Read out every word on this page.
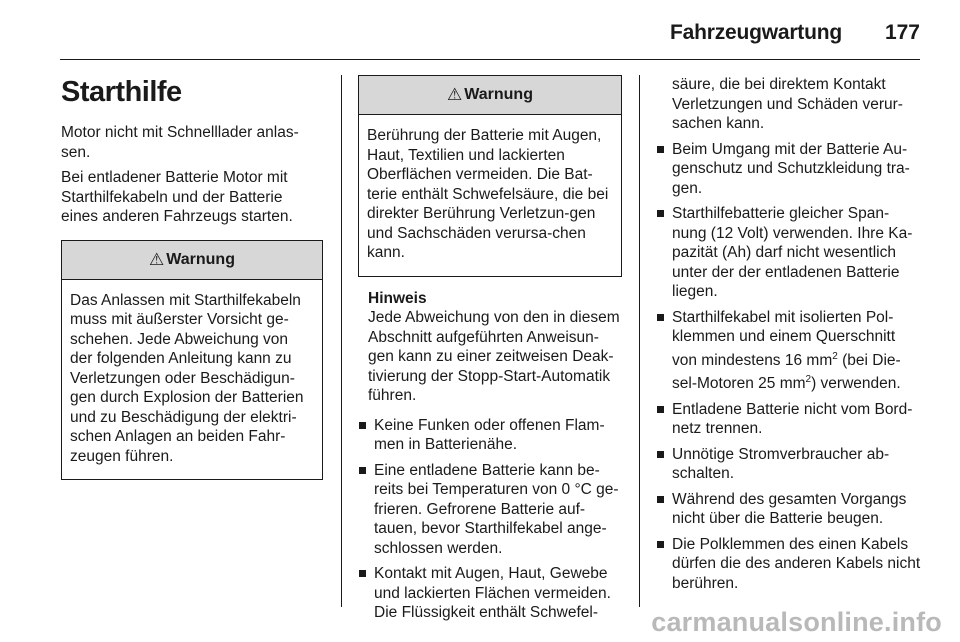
Fahrzeugwartung 177
Starthilfe

Motor nicht mit Schnelllader anlas-sen.

Bei entladener Batterie Motor mit Starthilfekabeln und der Batterie eines anderen Fahrzeugs starten.

⚠ Warnung

Das Anlassen mit Starthilfekabeln muss mit äußerster Vorsicht ge-schehen. Jede Abweichung von der folgenden Anleitung kann zu Verletzungen oder Beschädigun-gen durch Explosion der Batterien und zu Beschädigung der elektri-schen Anlagen an beiden Fahr-zeugen führen.

⚠ Warnung

Berührung der Batterie mit Augen, Haut, Textilien und lackierten Oberflächen vermeiden. Die Bat-terie enthält Schwefelsäure, die bei direkter Berührung Verletzun-gen und Sachschäden verursa-chen kann.

Hinweis

Jede Abweichung von den in diesem Abschnitt aufgeführten Anweisun-gen kann zu einer zeitweisen Deak-tivierung der Stopp-Start-Automatik führen.

Keine Funken oder offenen Flam-men in Batterienähe.
Eine entladene Batterie kann be-reits bei Temperaturen von 0 °C ge-frieren. Gefrorene Batterie auf-tauen, bevor Starthilfekabel ange-schlossen werden.
Kontakt mit Augen, Haut, Gewebe und lackierten Flächen vermeiden. Die Flüssigkeit enthält Schwefel-

säure, die bei direktem Kontakt Verletzungen und Schäden verur-sachen kann.

Beim Umgang mit der Batterie Au-genschutz und Schutzkleidung tra-gen.
Starthilfebatterie gleicher Span-nung (12 Volt) verwenden. Ihre Ka-pazität (Ah) darf nicht wesentlich unter der der entladenen Batterie liegen.
Starthilfekabel mit isolierten Pol-klemmen und einem Querschnitt von mindestens 16 $mm^2$ (bei Die-sel-Motoren 25 $mm^2$) verwenden.
Entladene Batterie nicht vom Bord-netz trennen.
Unnötige Stromverbraucher ab-schalten.
Während des gesamten Vorgangs nicht über die Batterie beugen.
Die Polklemmen des einen Kabels dürfen die des anderen Kabels nicht berühren.
carmanualsonline.info
